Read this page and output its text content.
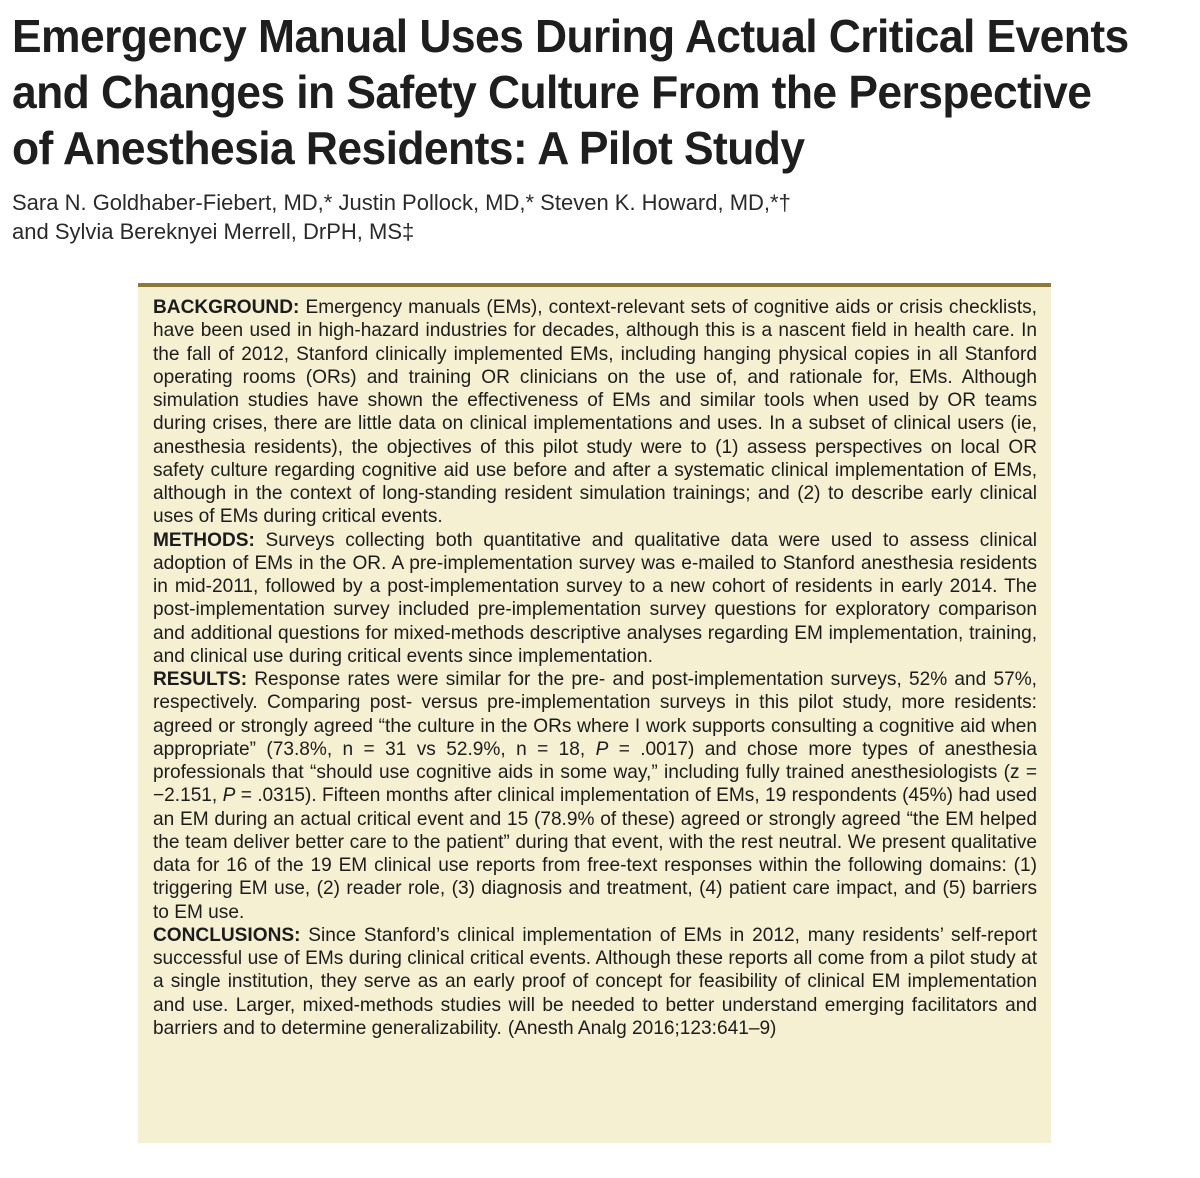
Emergency Manual Uses During Actual Critical Events
and Changes in Safety Culture From the Perspective
of Anesthesia Residents: A Pilot Study
Sara N. Goldhaber-Fiebert, MD,* Justin Pollock, MD,* Steven K. Howard, MD,*†
and Sylvia Bereknyei Merrell, DrPH, MS‡

BACKGROUND: Emergency manuals (EMs), context-relevant sets of cognitive aids or crisis checklists, have been used in high-hazard industries for decades, although this is a nascent field in health care. In the fall of 2012, Stanford clinically implemented EMs, including hanging physical copies in all Stanford operating rooms (ORs) and training OR clinicians on the use of, and rationale for, EMs. Although simulation studies have shown the effectiveness of EMs and similar tools when used by OR teams during crises, there are little data on clinical implementations and uses. In a subset of clinical users (ie, anesthesia residents), the objectives of this pilot study were to (1) assess perspectives on local OR safety culture regarding cognitive aid use before and after a systematic clinical implementation of EMs, although in the context of long-standing resident simulation trainings; and (2) to describe early clinical uses of EMs during critical events.

METHODS: Surveys collecting both quantitative and qualitative data were used to assess clinical adoption of EMs in the OR. A pre-implementation survey was e-mailed to Stanford anesthesia residents in mid-2011, followed by a post-implementation survey to a new cohort of residents in early 2014. The post-implementation survey included pre-implementation survey questions for exploratory comparison and additional questions for mixed-methods descriptive analyses regarding EM implementation, training, and clinical use during critical events since implementation.

RESULTS: Response rates were similar for the pre- and post-implementation surveys, 52% and 57%, respectively. Comparing post- versus pre-implementation surveys in this pilot study, more residents: agreed or strongly agreed “the culture in the ORs where I work supports consulting a cognitive aid when appropriate” (73.8%, n = 31 vs 52.9%, n = 18, P = .0017) and chose more types of anesthesia professionals that “should use cognitive aids in some way,” including fully trained anesthesiologists (z = −2.151, P = .0315). Fifteen months after clinical implementation of EMs, 19 respondents (45%) had used an EM during an actual critical event and 15 (78.9% of these) agreed or strongly agreed “the EM helped the team deliver better care to the patient” during that event, with the rest neutral. We present qualitative data for 16 of the 19 EM clinical use reports from free-text responses within the following domains: (1) triggering EM use, (2) reader role, (3) diagnosis and treatment, (4) patient care impact, and (5) barriers to EM use.

CONCLUSIONS: Since Stanford’s clinical implementation of EMs in 2012, many residents’ self-report successful use of EMs during clinical critical events. Although these reports all come from a pilot study at a single institution, they serve as an early proof of concept for feasibility of clinical EM implementation and use. Larger, mixed-methods studies will be needed to better understand emerging facilitators and barriers and to determine generalizability. (Anesth Analg 2016;123:641–9)
